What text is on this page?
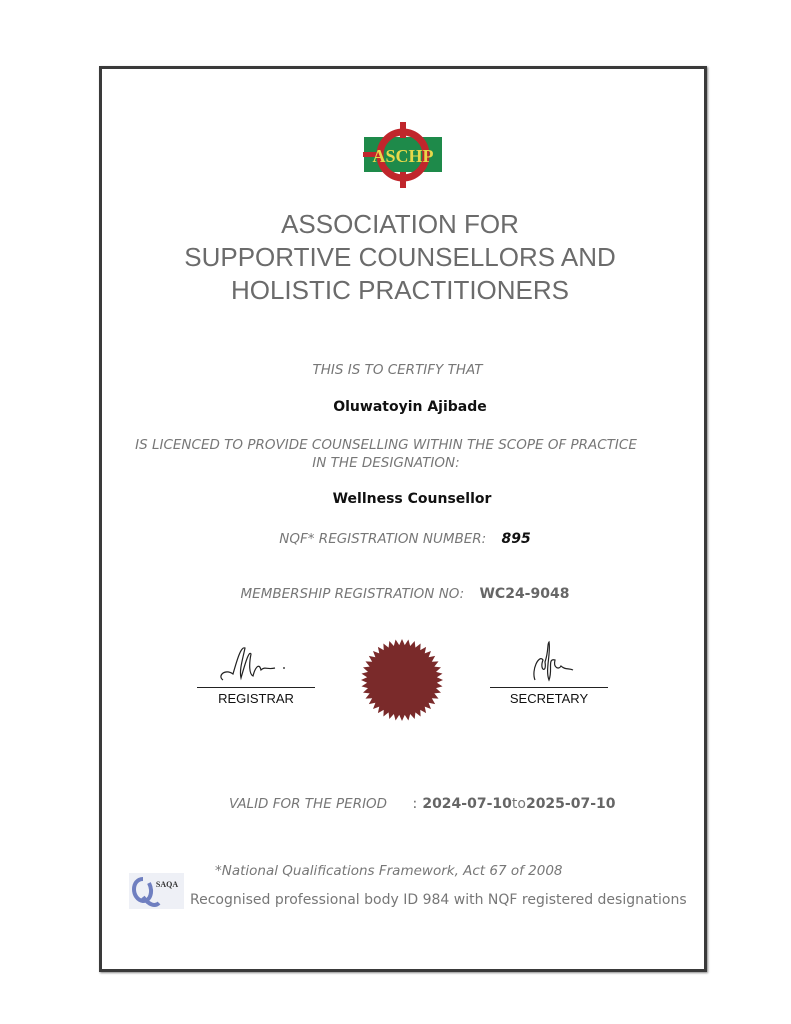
ASCHP
ASSOCIATION FOR
SUPPORTIVE COUNSELLORS AND
HOLISTIC PRACTITIONERS
THIS IS TO CERTIFY THAT
Oluwatoyin Ajibade
IS LICENCED TO PROVIDE COUNSELLING WITHIN THE SCOPE OF PRACTICE
IN THE DESIGNATION:
Wellness Counsellor
NQF* REGISTRATION NUMBER: 895
MEMBERSHIP REGISTRATION NO: WC24-9048
REGISTRAR	SECRETARY
VALID FOR THE PERIOD : 2024-07-10to2025-07-10
*National Qualifications Framework, Act 67 of 2008
SAQA
Recognised professional body ID 984 with NQF registered designations
